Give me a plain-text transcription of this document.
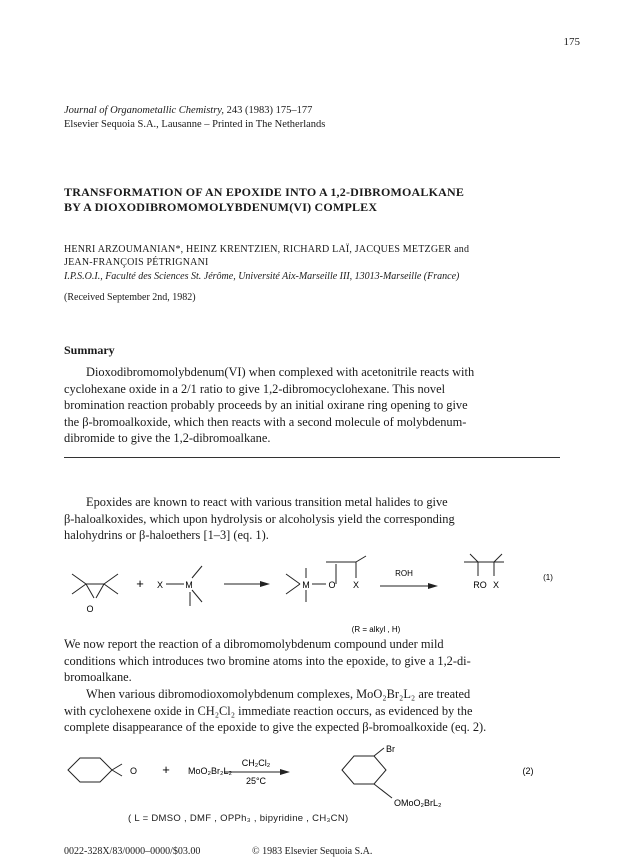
175
Journal of Organometallic Chemistry, 243 (1983) 175–177
Elsevier Sequoia S.A., Lausanne – Printed in The Netherlands
TRANSFORMATION OF AN EPOXIDE INTO A 1,2-DIBROMOALKANE
BY A DIOXODIBROMOMOLYBDENUM(VI) COMPLEX
HENRI ARZOUMANIAN*, HEINZ KRENTZIEN, RICHARD LAÏ, JACQUES METZGER and
JEAN-FRANÇOIS PÉTRIGNANI
I.P.S.O.I., Faculté des Sciences St. Jérôme, Université Aix-Marseille III, 13013-Marseille (France)
(Received September 2nd, 1982)
Summary
Dioxodibromomolybdenum(VI) when complexed with acetonitrile reacts with
cyclohexane oxide in a 2/1 ratio to give 1,2-dibromocyclohexane. This novel
bromination reaction probably proceeds by an initial oxirane ring opening to give
the β-bromoalkoxide, which then reacts with a second molecule of molybdenum-
dibromide to give the 1,2-dibromoalkane.
Epoxides are known to react with various transition metal halides to give
β-haloalkoxides, which upon hydrolysis or alcoholysis yield the corresponding
halohydrins or β-haloethers [1–3] (eq. 1).
O
+ X M	M O X
ROH
RO X
(1)
(R = alkyl , H)
We now report the reaction of a dibromomolybdenum compound under mild
conditions which introduces two bromine atoms into the epoxide, to give a 1,2-di-
bromoalkane.
When various dibromodioxomolybdenum complexes, MoO₂Br₂L₂ are treated
with cyclohexene oxide in CH₂Cl₂ immediate reaction occurs, as evidenced by the
complete disappearance of the epoxide to give the expected β-bromoalkoxide (eq. 2).
O + MoO₂Br₂L₂
CH₂Cl₂
25°C
Br
OMoO₂BrL₂
(2)
( L = DMSO , DMF , OPPh₃ , bipyridine , CH₃CN)
0022-328X/83/0000–0000/$03.00	© 1983 Elsevier Sequoia S.A.
